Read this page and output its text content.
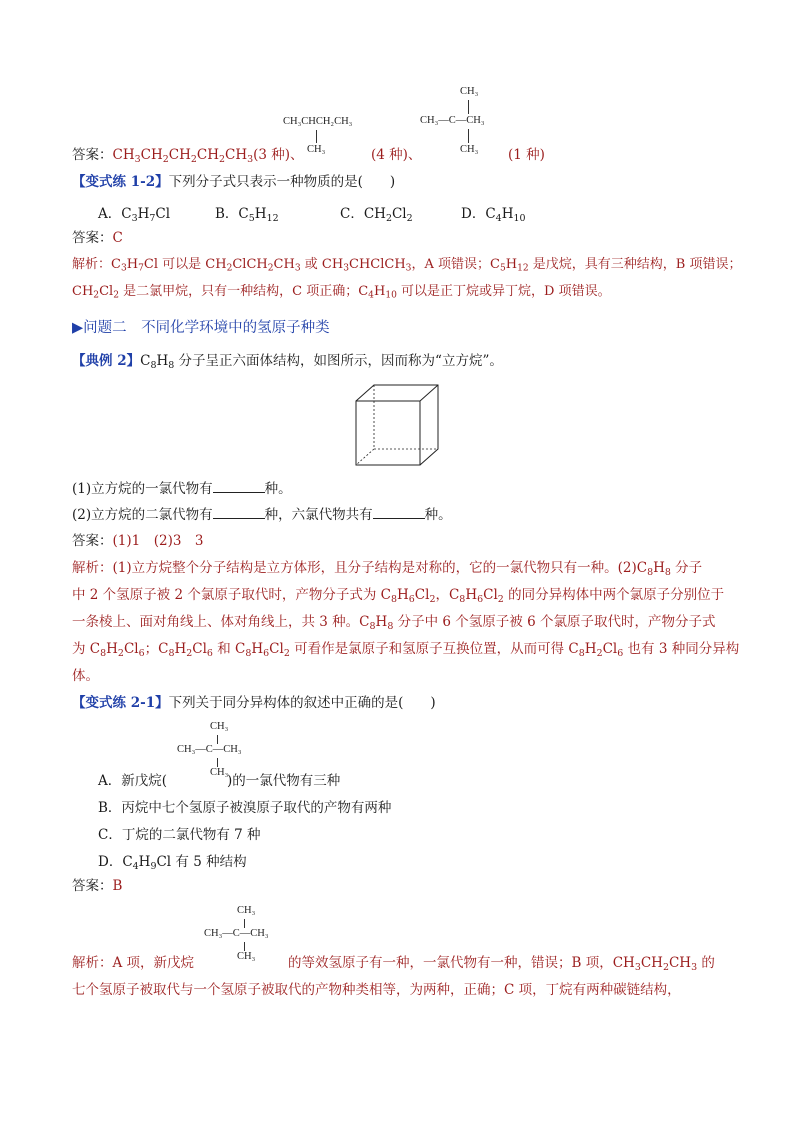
CH₃CHCH₂CH₃
CH₃
CH₃
CH₃—C—CH₃
CH₃
答案：$CH_3CH_2CH_2CH_2CH_3(3$ 种)、	(4 种)、	(1 种)
【变式练 1-2】下列分子式只表示一种物质的是(　　)
A．$C_3H_7Cl$	B．$C_5H_{12}$	C．$CH_2Cl_2$	D．$C_4H_{10}$
答案：C
解析：$C_3H_7Cl$ 可以是 $CH_2ClCH_2CH_3$ 或 $CH_3CHClCH_3$，A 项错误；$C_5H_{12}$ 是戊烷，具有三种结构，B 项错误；
$CH_2Cl_2$ 是二氯甲烷，只有一种结构，C 项正确；$C_4H_{10}$ 可以是正丁烷或异丁烷，D 项错误。
▶问题二　不同化学环境中的氢原子种类
【典例 2】$C_8H_8$ 分子呈正六面体结构，如图所示，因而称为“立方烷”。
(1)立方烷的一氯代物有	种。
(2)立方烷的二氯代物有	种，六氯代物共有	种。
答案：(1)1　(2)3　3
解析：(1)立方烷整个分子结构是立方体形，且分子结构是对称的，它的一氯代物只有一种。$(2)C_8H_8$ 分子
中 2 个氢原子被 2 个氯原子取代时，产物分子式为 $C_8H_6Cl_2$，$C_8H_6Cl_2$ 的同分异构体中两个氯原子分别位于
一条棱上、面对角线上、体对角线上，共 3 种。$C_8H_8$ 分子中 6 个氢原子被 6 个氯原子取代时，产物分子式
为 $C_8H_2Cl_6$；$C_8H_2Cl_6$ 和 $C_8H_6Cl_2$ 可看作是氯原子和氢原子互换位置，从而可得 $C_8H_2Cl_6$ 也有 3 种同分异构
体。
【变式练 2-1】下列关于同分异构体的叙述中正确的是(　　)
CH₃
CH₃—C—CH₃
A．新戊烷(	)的一氯代物有三种
CH₃
B．丙烷中七个氢原子被溴原子取代的产物有两种
C．丁烷的二氯代物有 7 种
D．$C_4H_9Cl$ 有 5 种结构
答案：B
CH₃
CH₃—C—CH₃
CH₃
解析：A 项，新戊烷	的等效氢原子有一种，一氯代物有一种，错误；B 项，$CH_3CH_2CH_3$ 的
七个氢原子被取代与一个氢原子被取代的产物种类相等，为两种，正确；C 项，丁烷有两种碳链结构，
